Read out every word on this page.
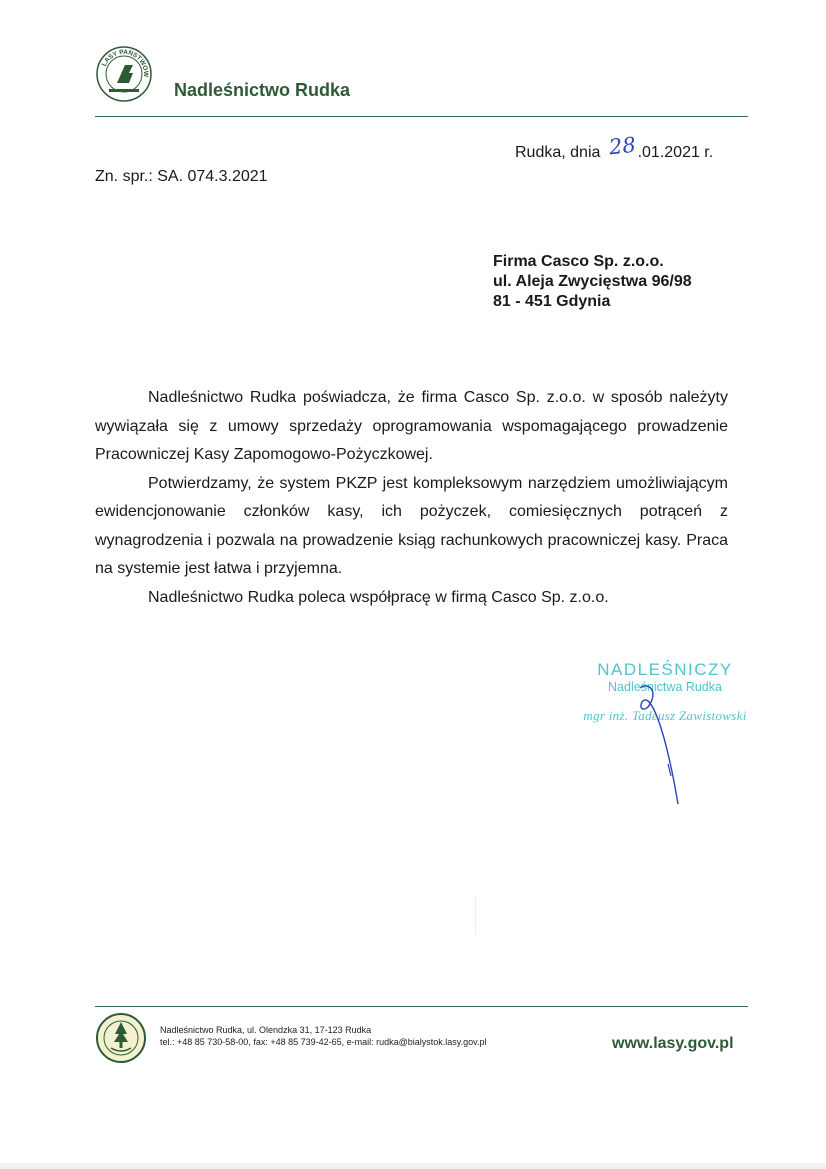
LASY PAŃSTWOW
Nadleśnictwo Rudka
Rudka, dnia 28.01.2021 r.
Zn. spr.: SA. 074.3.2021
Firma Casco Sp. z.o.o.
ul. Aleja Zwycięstwa 96/98
81 - 451 Gdynia

Nadleśnictwo Rudka poświadcza, że firma Casco Sp. z.o.o. w sposób należyty wywiązała się z umowy sprzedaży oprogramowania wspomagającego prowadzenie Pracowniczej Kasy Zapomogowo-Pożyczkowej.

Potwierdzamy, że system PKZP jest kompleksowym narzędziem umożliwiającym ewidencjonowanie członków kasy, ich pożyczek, comiesięcznych potrąceń z wynagrodzenia i pozwala na prowadzenie ksiąg rachunkowych pracowniczej kasy. Praca na systemie jest łatwa i przyjemna.

Nadleśnictwo Rudka poleca współpracę w firmą Casco Sp. z.o.o.

NADLEŚNICZY
Nadleśnictwa Rudka
mgr inż. Tadeusz Zawistowski
Nadleśnictwo Rudka, ul. Olendzka 31, 17-123 Rudka
tel.: +48 85 730-58-00, fax: +48 85 739-42-65, e-mail: rudka@bialystok.lasy.gov.pl	www.lasy.gov.pl
